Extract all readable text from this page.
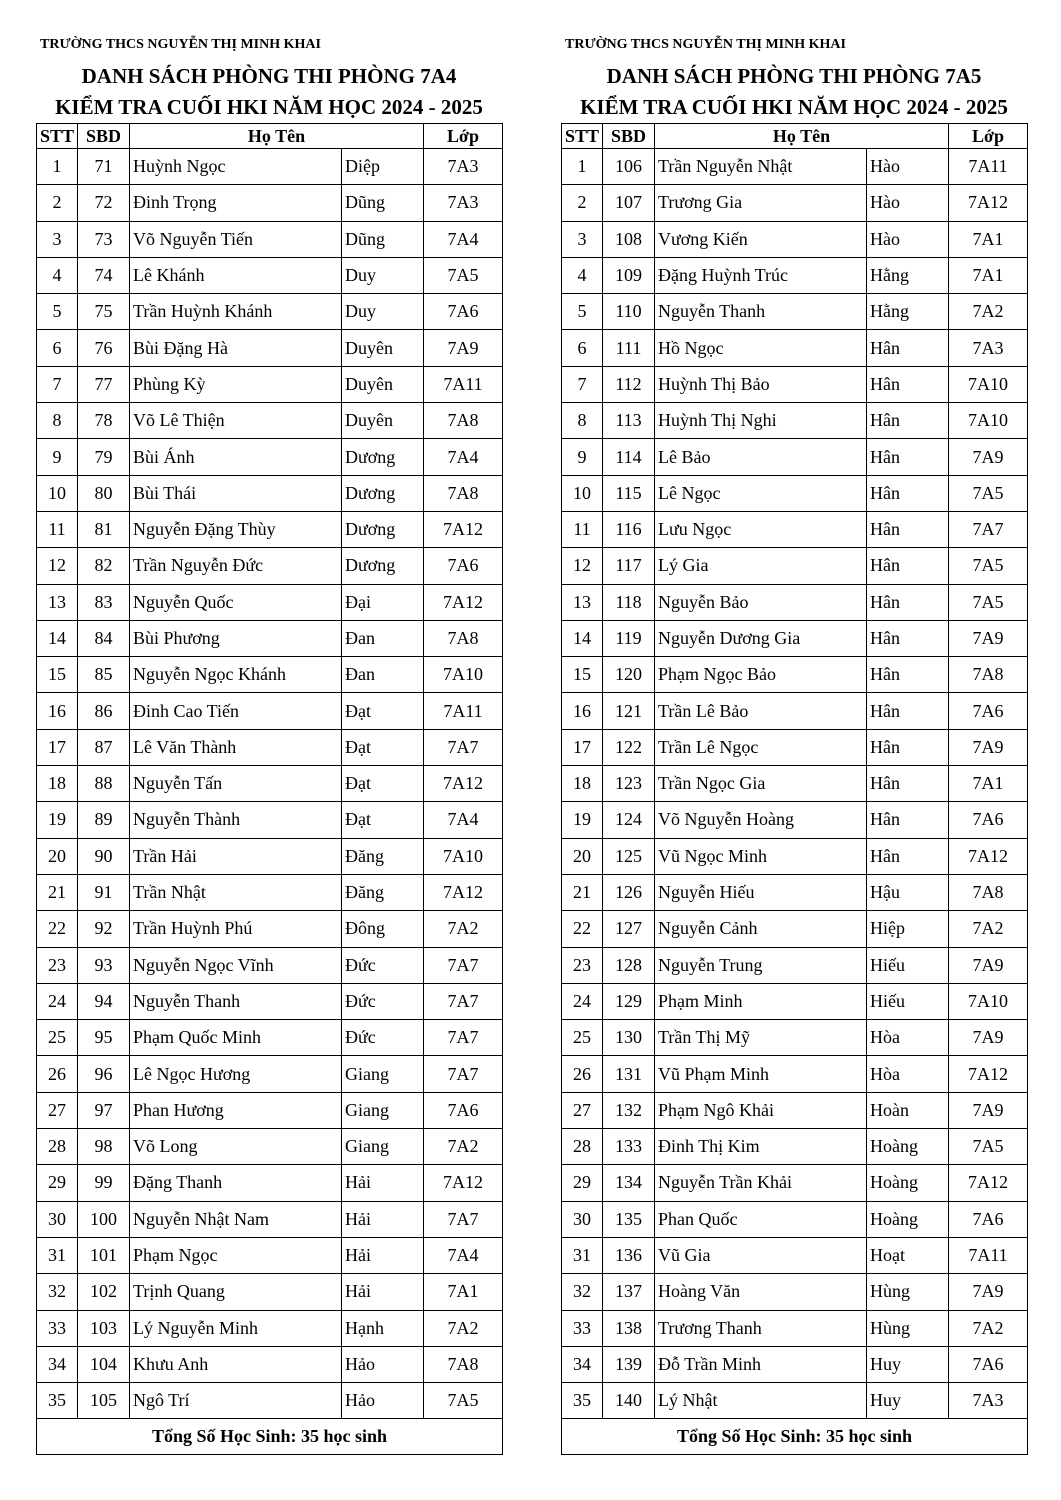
TRƯỜNG THCS NGUYỄN THỊ MINH KHAI
DANH SÁCH PHÒNG THI PHÒNG 7A4
KIỂM TRA CUỐI HKI NĂM HỌC 2024 - 2025
STT	SBD	Họ Tên		Lớp
1	71	Huỳnh Ngọc	Diệp	7A3
2	72	Đinh Trọng	Dũng	7A3
3	73	Võ Nguyễn Tiến	Dũng	7A4
4	74	Lê Khánh	Duy	7A5
5	75	Trần Huỳnh Khánh	Duy	7A6
6	76	Bùi Đặng Hà	Duyên	7A9
7	77	Phùng Kỳ	Duyên	7A11
8	78	Võ Lê Thiện	Duyên	7A8
9	79	Bùi Ánh	Dương	7A4
10	80	Bùi Thái	Dương	7A8
11	81	Nguyễn Đặng Thùy	Dương	7A12
12	82	Trần Nguyễn Đức	Dương	7A6
13	83	Nguyễn Quốc	Đại	7A12
14	84	Bùi Phương	Đan	7A8
15	85	Nguyễn Ngọc Khánh	Đan	7A10
16	86	Đinh Cao Tiến	Đạt	7A11
17	87	Lê Văn Thành	Đạt	7A7
18	88	Nguyễn Tấn	Đạt	7A12
19	89	Nguyễn Thành	Đạt	7A4
20	90	Trần Hải	Đăng	7A10
21	91	Trần Nhật	Đăng	7A12
22	92	Trần Huỳnh Phú	Đông	7A2
23	93	Nguyễn Ngọc Vĩnh	Đức	7A7
24	94	Nguyễn Thanh	Đức	7A7
25	95	Phạm Quốc Minh	Đức	7A7
26	96	Lê Ngọc Hương	Giang	7A7
27	97	Phan Hương	Giang	7A6
28	98	Võ Long	Giang	7A2
29	99	Đặng Thanh	Hải	7A12
30	100	Nguyễn Nhật Nam	Hải	7A7
31	101	Phạm Ngọc	Hải	7A4
32	102	Trịnh Quang	Hải	7A1
33	103	Lý Nguyễn Minh	Hạnh	7A2
34	104	Khưu Anh	Hảo	7A8
35	105	Ngô Trí	Hảo	7A5
Tổng Số Học Sinh: 35 học sinh				
TRƯỜNG THCS NGUYỄN THỊ MINH KHAI
DANH SÁCH PHÒNG THI PHÒNG 7A5
KIỂM TRA CUỐI HKI NĂM HỌC 2024 - 2025
STT	SBD	Họ Tên		Lớp
1	106	Trần Nguyễn Nhật	Hào	7A11
2	107	Trương Gia	Hào	7A12
3	108	Vương Kiến	Hào	7A1
4	109	Đặng Huỳnh Trúc	Hằng	7A1
5	110	Nguyễn Thanh	Hằng	7A2
6	111	Hồ Ngọc	Hân	7A3
7	112	Huỳnh Thị Bảo	Hân	7A10
8	113	Huỳnh Thị Nghi	Hân	7A10
9	114	Lê Bảo	Hân	7A9
10	115	Lê Ngọc	Hân	7A5
11	116	Lưu Ngọc	Hân	7A7
12	117	Lý Gia	Hân	7A5
13	118	Nguyễn Bảo	Hân	7A5
14	119	Nguyễn Dương Gia	Hân	7A9
15	120	Phạm Ngọc Bảo	Hân	7A8
16	121	Trần Lê Bảo	Hân	7A6
17	122	Trần Lê Ngọc	Hân	7A9
18	123	Trần Ngọc Gia	Hân	7A1
19	124	Võ Nguyễn Hoàng	Hân	7A6
20	125	Vũ Ngọc Minh	Hân	7A12
21	126	Nguyễn Hiếu	Hậu	7A8
22	127	Nguyễn Cảnh	Hiệp	7A2
23	128	Nguyễn Trung	Hiếu	7A9
24	129	Phạm Minh	Hiếu	7A10
25	130	Trần Thị Mỹ	Hòa	7A9
26	131	Vũ Phạm Minh	Hòa	7A12
27	132	Phạm Ngô Khải	Hoàn	7A9
28	133	Đinh Thị Kim	Hoàng	7A5
29	134	Nguyễn Trần Khải	Hoàng	7A12
30	135	Phan Quốc	Hoàng	7A6
31	136	Vũ Gia	Hoạt	7A11
32	137	Hoàng Văn	Hùng	7A9
33	138	Trương Thanh	Hùng	7A2
34	139	Đỗ Trần Minh	Huy	7A6
35	140	Lý Nhật	Huy	7A3
Tổng Số Học Sinh: 35 học sinh				
